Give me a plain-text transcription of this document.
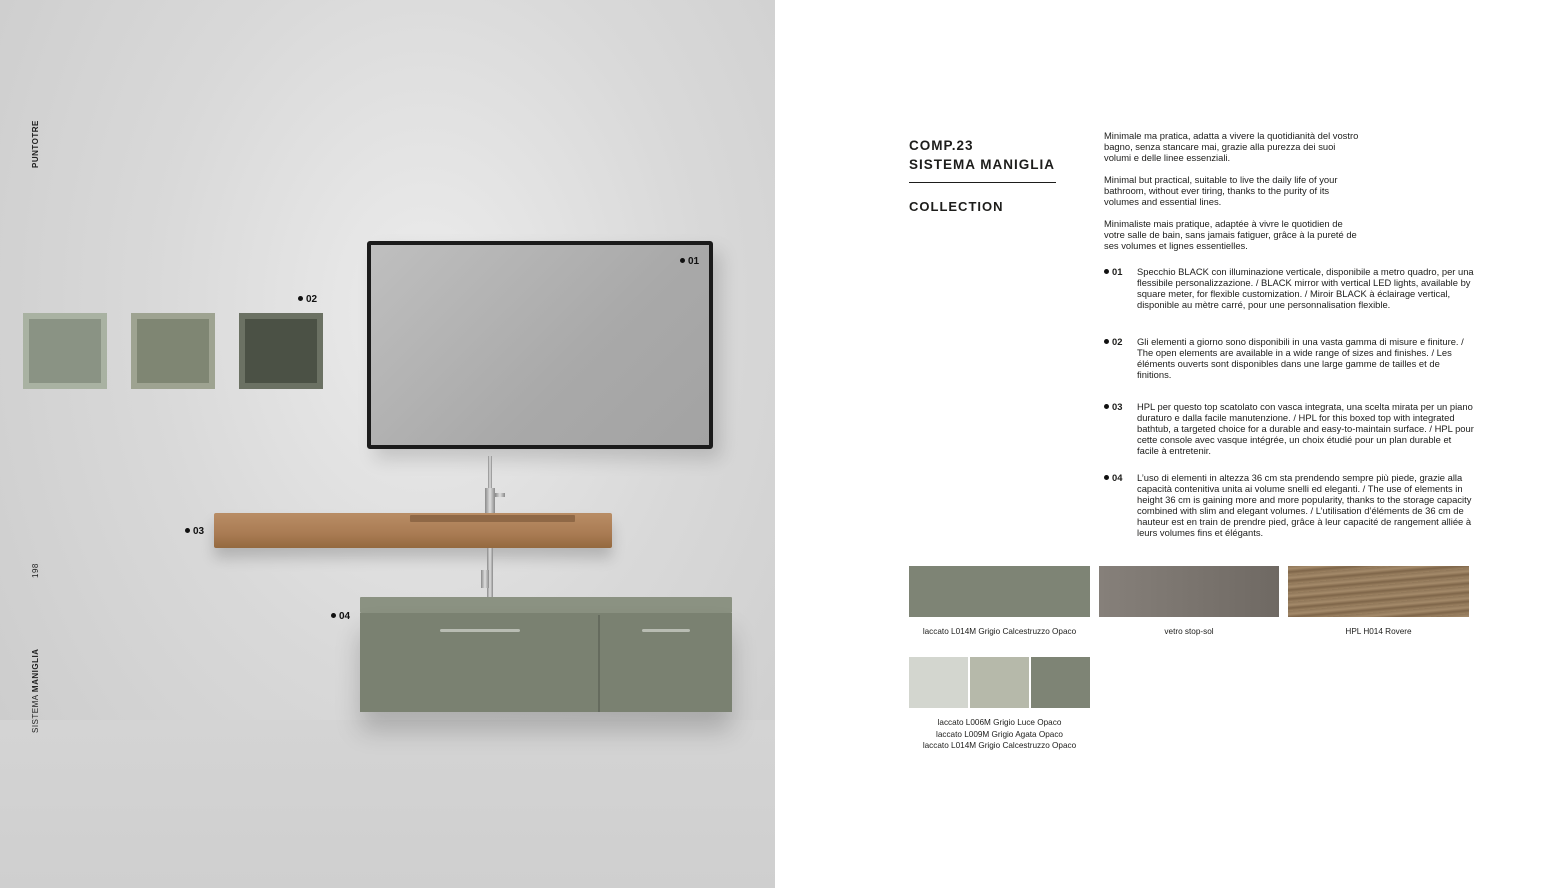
PUNTOTRE
198
SISTEMA MANIGLIA
02
01
03
04
COMP.23
SISTEMA MANIGLIA
COLLECTION
Minimale ma pratica, adatta a vivere la quotidianità del vostro bagno, senza stancare mai, grazie alla purezza dei suoi volumi e delle linee essenziali.
Minimal but practical, suitable to live the daily life of your bathroom, without ever tiring, thanks to the purity of its volumes and essential lines.
Minimaliste mais pratique, adaptée à vivre le quotidien de votre salle de bain, sans jamais fatiguer, grâce à la pureté de ses volumes et lignes essentielles.
01 Specchio BLACK con illuminazione verticale, disponibile a metro quadro, per una flessibile personalizzazione. / BLACK mirror with vertical LED lights, available by square meter, for flexible customization. / Miroir BLACK à éclairage vertical, disponible au mètre carré, pour une personnalisation flexible.
02 Gli elementi a giorno sono disponibili in una vasta gamma di misure e finiture. / The open elements are available in a wide range of sizes and finishes. / Les éléments ouverts sont disponibles dans une large gamme de tailles et de finitions.
03 HPL per questo top scatolato con vasca integrata, una scelta mirata per un piano duraturo e dalla facile manutenzione. / HPL for this boxed top with integrated bathtub, a targeted choice for a durable and easy-to-maintain surface. / HPL pour cette console avec vasque intégrée, un choix étudié pour un plan durable et facile à entretenir.
04 L’uso di elementi in altezza 36 cm sta prendendo sempre più piede, grazie alla capacità contenitiva unita ai volume snelli ed eleganti. / The use of elements in height 36 cm is gaining more and more popularity, thanks to the storage capacity combined with slim and elegant volumes. / L’utilisation d’éléments de 36 cm de hauteur est en train de prendre pied, grâce à leur capacité de rangement alliée à leurs volumes fins et élégants.
laccato L014M Grigio Calcestruzzo Opaco	vetro stop-sol	HPL H014 Rovere
laccato L006M Grigio Luce Opaco
laccato L009M Grigio Agata Opaco
laccato L014M Grigio Calcestruzzo Opaco
